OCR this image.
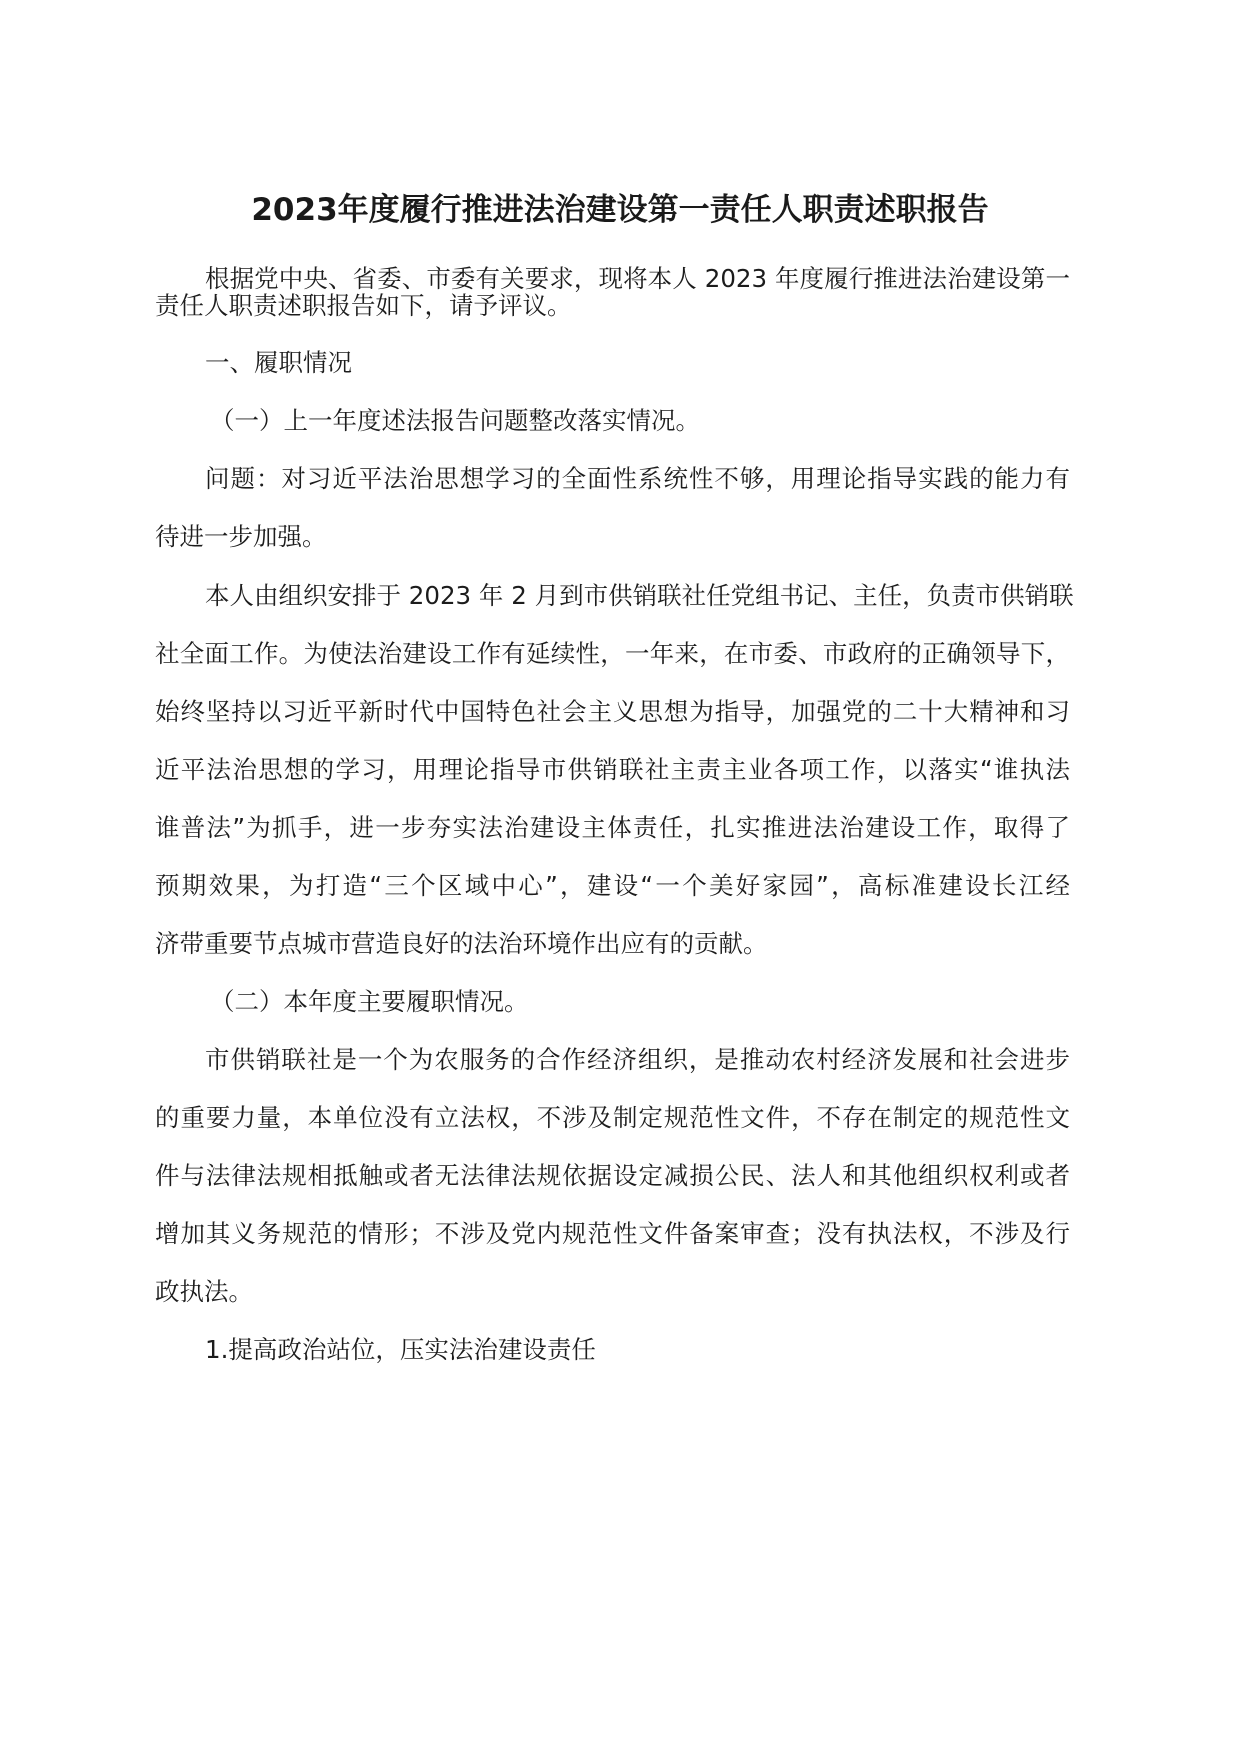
2023年度履行推进法治建设第一责任人职责述职报告
根据党中央、省委、市委有关要求，现将本人 2023 年度履行推进法治建设第一
责任人职责述职报告如下，请予评议。
一、履职情况
（一）上一年度述法报告问题整改落实情况。
问题：对习近平法治思想学习的全面性系统性不够，用理论指导实践的能力有
待进一步加强。
本人由组织安排于 2023 年 2 月到市供销联社任党组书记、主任，负责市供销联
社全面工作。为使法治建设工作有延续性，一年来，在市委、市政府的正确领导下，
始终坚持以习近平新时代中国特色社会主义思想为指导，加强党的二十大精神和习
近平法治思想的学习，用理论指导市供销联社主责主业各项工作，以落实“谁执法
谁普法”为抓手，进一步夯实法治建设主体责任，扎实推进法治建设工作，取得了
预期效果，为打造“三个区域中心”，建设“一个美好家园”，高标准建设长江经
济带重要节点城市营造良好的法治环境作出应有的贡献。
（二）本年度主要履职情况。
市供销联社是一个为农服务的合作经济组织，是推动农村经济发展和社会进步
的重要力量，本单位没有立法权，不涉及制定规范性文件，不存在制定的规范性文
件与法律法规相抵触或者无法律法规依据设定减损公民、法人和其他组织权利或者
增加其义务规范的情形；不涉及党内规范性文件备案审查；没有执法权，不涉及行
政执法。
1.提高政治站位，压实法治建设责任
